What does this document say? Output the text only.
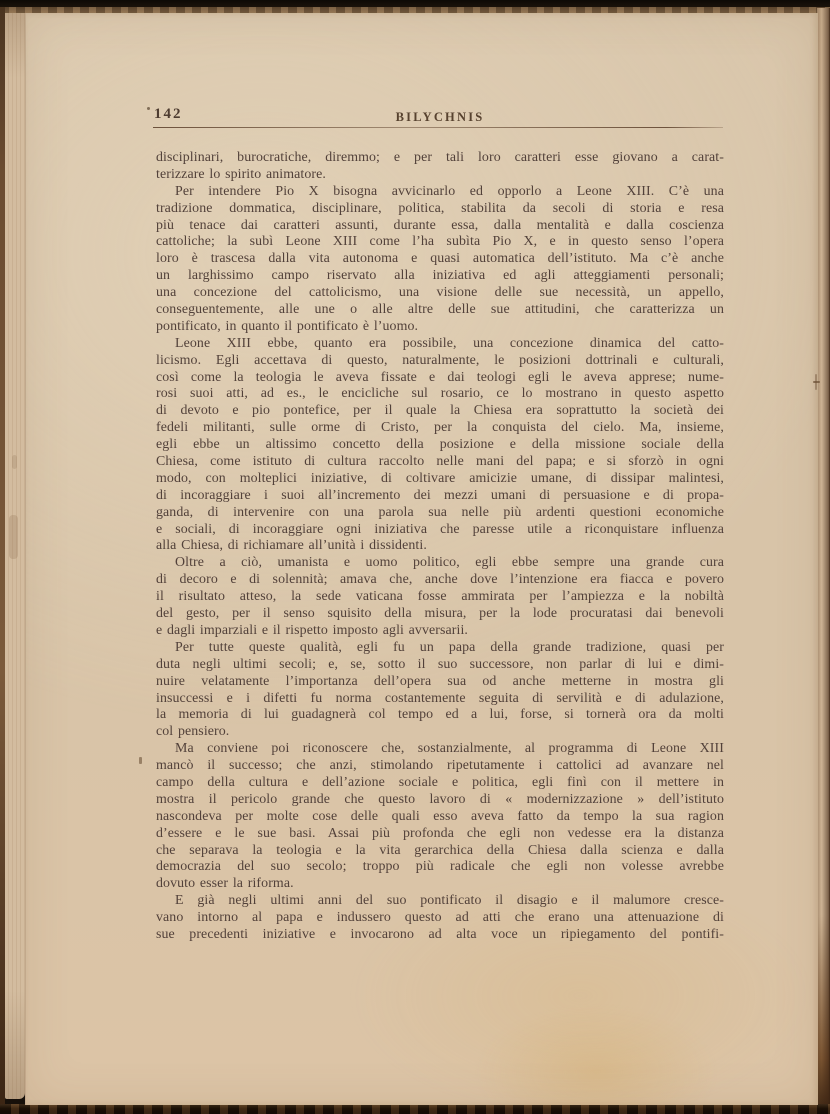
142	BILYCHNIS
disciplinari, burocratiche, diremmo; e per tali loro caratteri esse giovano a carat-
terizzare lo spirito animatore.
Per intendere Pio X bisogna avvicinarlo ed opporlo a Leone XIII. C’è una
tradizione dommatica, disciplinare, politica, stabilita da secoli di storia e resa
più tenace dai caratteri assunti, durante essa, dalla mentalità e dalla coscienza
cattoliche; la subì Leone XIII come l’ha subìta Pio X, e in questo senso l’opera
loro è trascesa dalla vita autonoma e quasi automatica dell’istituto. Ma c’è anche
un larghissimo campo riservato alla iniziativa ed agli atteggiamenti personali;
una concezione del cattolicismo, una visione delle sue necessità, un appello,
conseguentemente, alle une o alle altre delle sue attitudini, che caratterizza un
pontificato, in quanto il pontificato è l’uomo.
Leone XIII ebbe, quanto era possibile, una concezione dinamica del catto-
licismo. Egli accettava di questo, naturalmente, le posizioni dottrinali e culturali,
così come la teologia le aveva fissate e dai teologi egli le aveva apprese; nume-
rosi suoi atti, ad es., le encicliche sul rosario, ce lo mostrano in questo aspetto
di devoto e pio pontefice, per il quale la Chiesa era soprattutto la società dei
fedeli militanti, sulle orme di Cristo, per la conquista del cielo. Ma, insieme,
egli ebbe un altissimo concetto della posizione e della missione sociale della
Chiesa, come istituto di cultura raccolto nelle mani del papa; e si sforzò in ogni
modo, con molteplici iniziative, di coltivare amicizie umane, di dissipar malintesi,
di incoraggiare i suoi all’incremento dei mezzi umani di persuasione e di propa-
ganda, di intervenire con una parola sua nelle più ardenti questioni economiche
e sociali, di incoraggiare ogni iniziativa che paresse utile a riconquistare influenza
alla Chiesa, di richiamare all’unità i dissidenti.
Oltre a ciò, umanista e uomo politico, egli ebbe sempre una grande cura
di decoro e di solennità; amava che, anche dove l’intenzione era fiacca e povero
il risultato atteso, la sede vaticana fosse ammirata per l’ampiezza e la nobiltà
del gesto, per il senso squisito della misura, per la lode procuratasi dai benevoli
e dagli imparziali e il rispetto imposto agli avversarii.
Per tutte queste qualità, egli fu un papa della grande tradizione, quasi per
duta negli ultimi secoli; e, se, sotto il suo successore, non parlar di lui e dimi-
nuire velatamente l’importanza dell’opera sua od anche metterne in mostra gli
insuccessi e i difetti fu norma costantemente seguita di servilità e di adulazione,
la memoria di lui guadagnerà col tempo ed a lui, forse, si tornerà ora da molti
col pensiero.
Ma conviene poi riconoscere che, sostanzialmente, al programma di Leone XIII
mancò il successo; che anzi, stimolando ripetutamente i cattolici ad avanzare nel
campo della cultura e dell’azione sociale e politica, egli finì con il mettere in
mostra il pericolo grande che questo lavoro di « modernizzazione » dell’istituto
nascondeva per molte cose delle quali esso aveva fatto da tempo la sua ragion
d’essere e le sue basi. Assai più profonda che egli non vedesse era la distanza
che separava la teologia e la vita gerarchica della Chiesa dalla scienza e dalla
democrazia del suo secolo; troppo più radicale che egli non volesse avrebbe
dovuto esser la riforma.
E già negli ultimi anni del suo pontificato il disagio e il malumore cresce-
vano intorno al papa e indussero questo ad atti che erano una attenuazione di
sue precedenti iniziative e invocarono ad alta voce un ripiegamento del pontifi-
